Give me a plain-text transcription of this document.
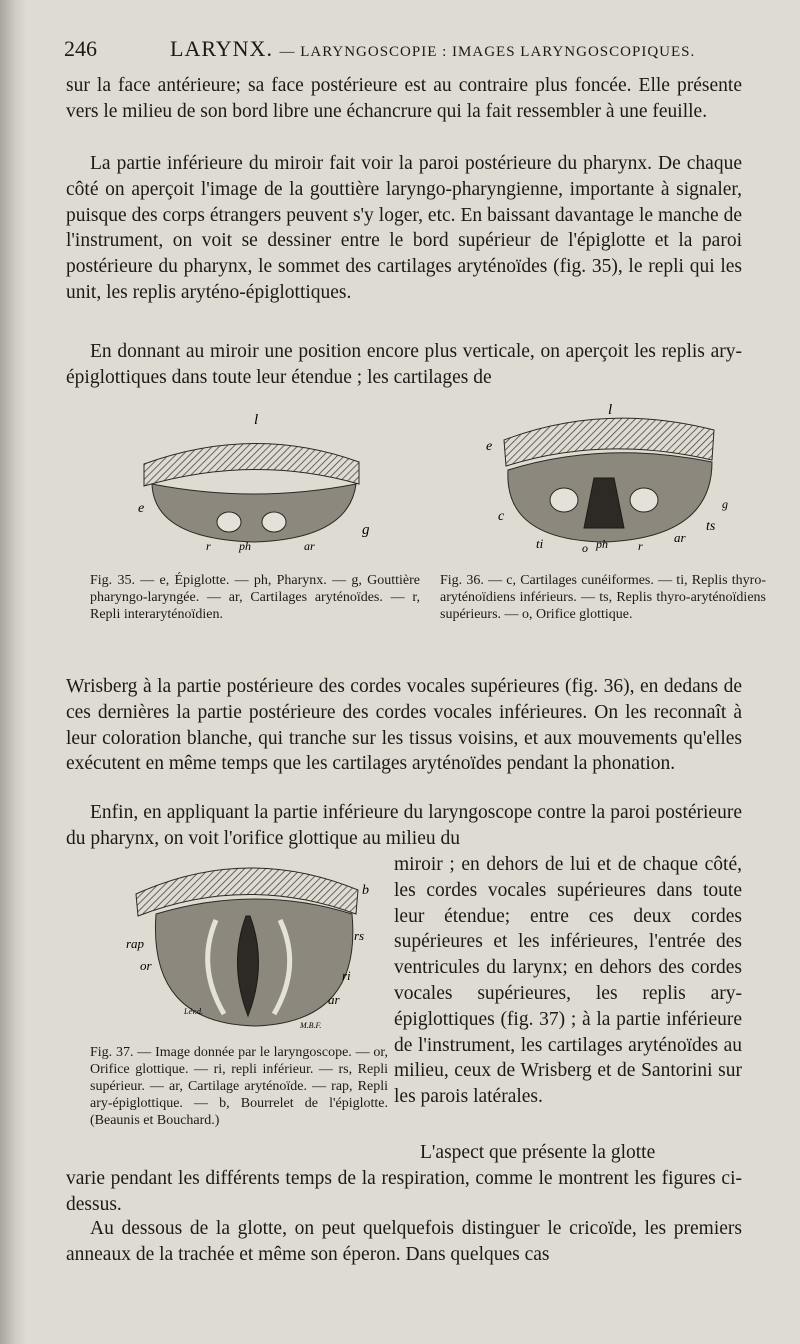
246	LARYNX. — LARYNGOSCOPIE : IMAGES LARYNGOSCOPIQUES.
sur la face antérieure; sa face postérieure est au contraire plus foncée. Elle présente vers le milieu de son bord libre une échancrure qui la fait ressembler à une feuille.
La partie inférieure du miroir fait voir la paroi postérieure du pharynx. De chaque côté on aperçoit l'image de la gouttière laryngo-pharyngienne, importante à signaler, puisque des corps étrangers peuvent s'y loger, etc. En baissant davantage le manche de l'instrument, on voit se dessiner entre le bord supérieur de l'épiglotte et la paroi postérieure du pharynx, le sommet des cartilages aryténoïdes (fig. 35), le repli qui les unit, les replis aryténo-épiglottiques.
En donnant au miroir une position encore plus verticale, on aperçoit les replis ary-épiglottiques dans toute leur étendue ; les cartilages de
l
e
g
r ph	ar
l
e
c
g
ts
ti	o ph	r
ar
Fig. 35. — e, Épiglotte. — ph, Pharynx. — g, Gouttière pharyngo-laryngée. — ar, Cartilages aryténoïdes. — r, Repli interaryténoïdien.
Fig. 36. — c, Cartilages cunéiformes. — ti, Replis thyro-aryténoïdiens inférieurs. — ts, Replis thyro-aryténoïdiens supérieurs. — o, Orifice glottique.
Wrisberg à la partie postérieure des cordes vocales supérieures (fig. 36), en dedans de ces dernières la partie postérieure des cordes vocales inférieures. On les reconnaît à leur coloration blanche, qui tranche sur les tissus voisins, et aux mouvements qu'elles exécutent en même temps que les cartilages aryténoïdes pendant la phonation.
Enfin, en appliquant la partie inférieure du laryngoscope contre la paroi postérieure du pharynx, on voit l'orifice glottique au milieu du
b
rs
rap
or
ri
ar
Lév.d.
M.B.F.
Fig. 37. — Image donnée par le laryngoscope. — or, Orifice glottique. — ri, repli inférieur. — rs, Repli supérieur. — ar, Cartilage aryténoïde. — rap, Repli ary-épiglottique. — b, Bourrelet de l'épiglotte. (Beaunis et Bouchard.)
miroir ; en dehors de lui et de chaque côté, les cordes vocales supérieures dans toute leur étendue; entre ces deux cordes supérieures et les inférieures, l'entrée des ventricules du larynx; en dehors des cordes vocales supérieures, les replis ary-épiglottiques (fig. 37) ; à la partie inférieure de l'instrument, les cartilages aryténoïdes au milieu, ceux de Wrisberg et de Santorini sur les parois latérales.
L'aspect que présente la glotte
varie pendant les différents temps de la respiration, comme le montrent les figures ci-dessus.
Au dessous de la glotte, on peut quelquefois distinguer le cricoïde, les premiers anneaux de la trachée et même son éperon. Dans quelques cas
